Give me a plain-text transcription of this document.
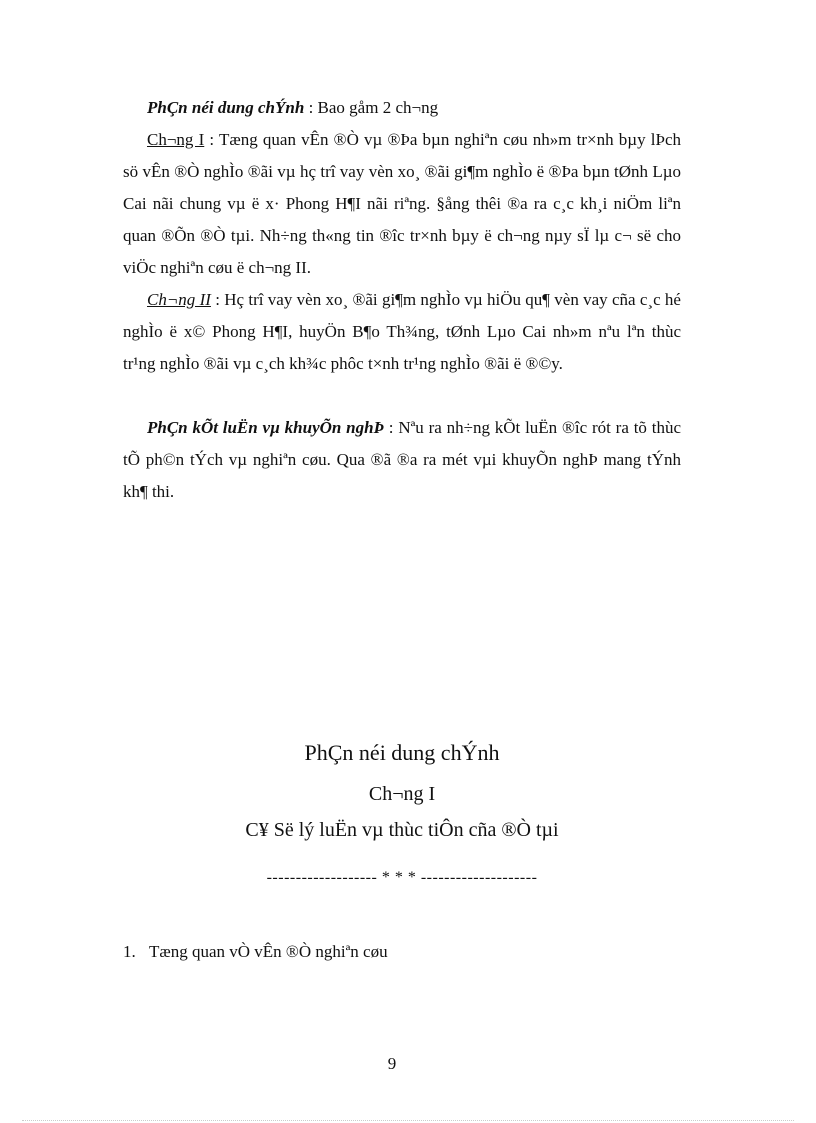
PhÇn néi dung chÝnh : Bao gåm 2 ch¬ng
Ch¬ng I : Tæng quan vÊn ®Ò vµ ®Þa bµn nghiªn cøu nh»m tr×nh bµy lÞch sö vÊn ®Ò nghÌo ®ãi vµ hç trî vay vèn xo¸ ®ãi gi¶m nghÌo ë ®Þa bµn tØnh Lµo Cai nãi chung vµ ë x· Phong H¶I nãi riªng. §ång thêi ®a ra c¸c kh¸i niÖm liªn quan ®Õn ®Ò tµi. Nh÷ng th«ng tin ®îc tr×nh bµy ë ch¬ng nµy sÏ lµ c¬ së cho viÖc nghiªn cøu ë ch¬ng II.
Ch¬ng II : Hç trî vay vèn xo¸ ®ãi gi¶m nghÌo vµ hiÖu qu¶ vèn vay cña c¸c hé nghÌo ë x© Phong H¶I, huyÖn B¶o Th¾ng, tØnh Lµo Cai nh»m nªu lªn thùc tr¹ng nghÌo ®ãi vµ c¸ch kh¾c phôc t×nh tr¹ng nghÌo ®ãi ë ®©y.
PhÇn kÕt luËn vµ khuyÕn nghÞ : Nªu ra nh÷ng kÕt luËn ®îc rót ra tõ thùc tÕ ph©n tÝch vµ nghiªn cøu. Qua ®ã ®a ra mét vµi khuyÕn nghÞ mang tÝnh kh¶ thi.
PhÇn néi dung chÝnh
Ch¬ng I
C¥ Së lý luËn vµ thùc tiÔn cña ®Ò tµi
------------------- * * * --------------------
1. Tæng quan vÒ vÊn ®Ò nghiªn cøu
9
